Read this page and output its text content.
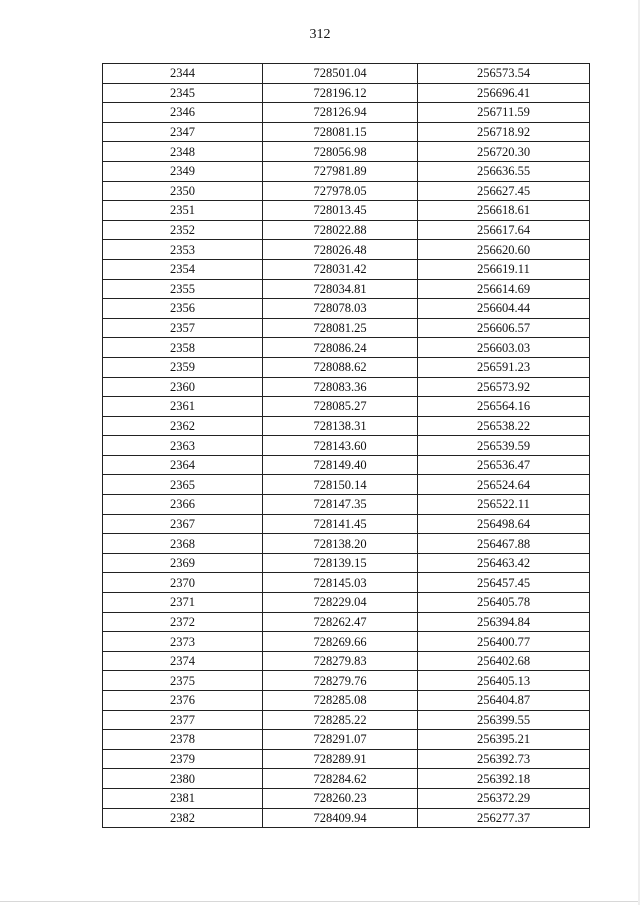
312
2344	728501.04	256573.54
2345	728196.12	256696.41
2346	728126.94	256711.59
2347	728081.15	256718.92
2348	728056.98	256720.30
2349	727981.89	256636.55
2350	727978.05	256627.45
2351	728013.45	256618.61
2352	728022.88	256617.64
2353	728026.48	256620.60
2354	728031.42	256619.11
2355	728034.81	256614.69
2356	728078.03	256604.44
2357	728081.25	256606.57
2358	728086.24	256603.03
2359	728088.62	256591.23
2360	728083.36	256573.92
2361	728085.27	256564.16
2362	728138.31	256538.22
2363	728143.60	256539.59
2364	728149.40	256536.47
2365	728150.14	256524.64
2366	728147.35	256522.11
2367	728141.45	256498.64
2368	728138.20	256467.88
2369	728139.15	256463.42
2370	728145.03	256457.45
2371	728229.04	256405.78
2372	728262.47	256394.84
2373	728269.66	256400.77
2374	728279.83	256402.68
2375	728279.76	256405.13
2376	728285.08	256404.87
2377	728285.22	256399.55
2378	728291.07	256395.21
2379	728289.91	256392.73
2380	728284.62	256392.18
2381	728260.23	256372.29
2382	728409.94	256277.37
